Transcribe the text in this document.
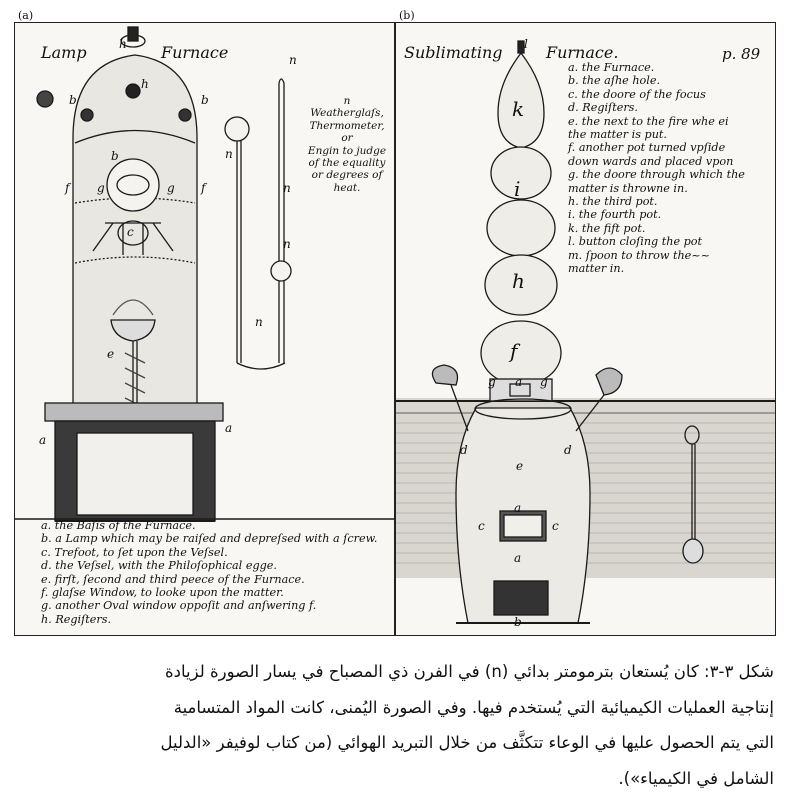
(a)	(b)
Lamp	Furnace
n
Weatherglaſs,
Thermometer,
or
Engin to judge
of the equality
or degrees of
heat.
h
b
h
b
b
f g	g f
c
e
a
a
n
n
n
n
n
a. the Baſis of the Furnace.
b. a Lamp which may be raiſed and depreſsed with a ſcrew.
c. Trefoot, to ſet upon the Veſsel.
d. the Veſsel, with the Philoſophical egge.
e. firſt, ſecond and third peece of the Furnace.
f. glaſse Window, to looke upon the matter.
g. another Oval window oppoſit and anſwering f.
h. Regiſters.
Sublimating	Furnace.	p. 89
l
k
i
h
f
g a g
d	d
e
a
c	c
a
b
a. the Furnace.
b. the aſhe hole.
c. the doore of the focus
d. Regiſters.
e. the next to the fire whe ei
the matter is put.
f. another pot turned vpſide
down wards and placed vpon
g. the doore through which the
matter is throwne in.
h. the third pot.
i. the fourth pot.
k. the fift pot.
l. button cloſing the pot
m. ſpoon to throw the~~
matter in.
شكل ٣-٣: كان يُستعان بترمومتر بدائي (n) في الفرن ذي المصباح في يسار الصورة لزيادة
إنتاجية العمليات الكيميائية التي يُستخدم فيها. وفي الصورة اليُمنى، كانت المواد المتسامية
التي يتم الحصول عليها في الوعاء تتكثَّف من خلال التبريد الهوائي (من كتاب لوفيفر «الدليل
الشامل في الكيمياء»).
